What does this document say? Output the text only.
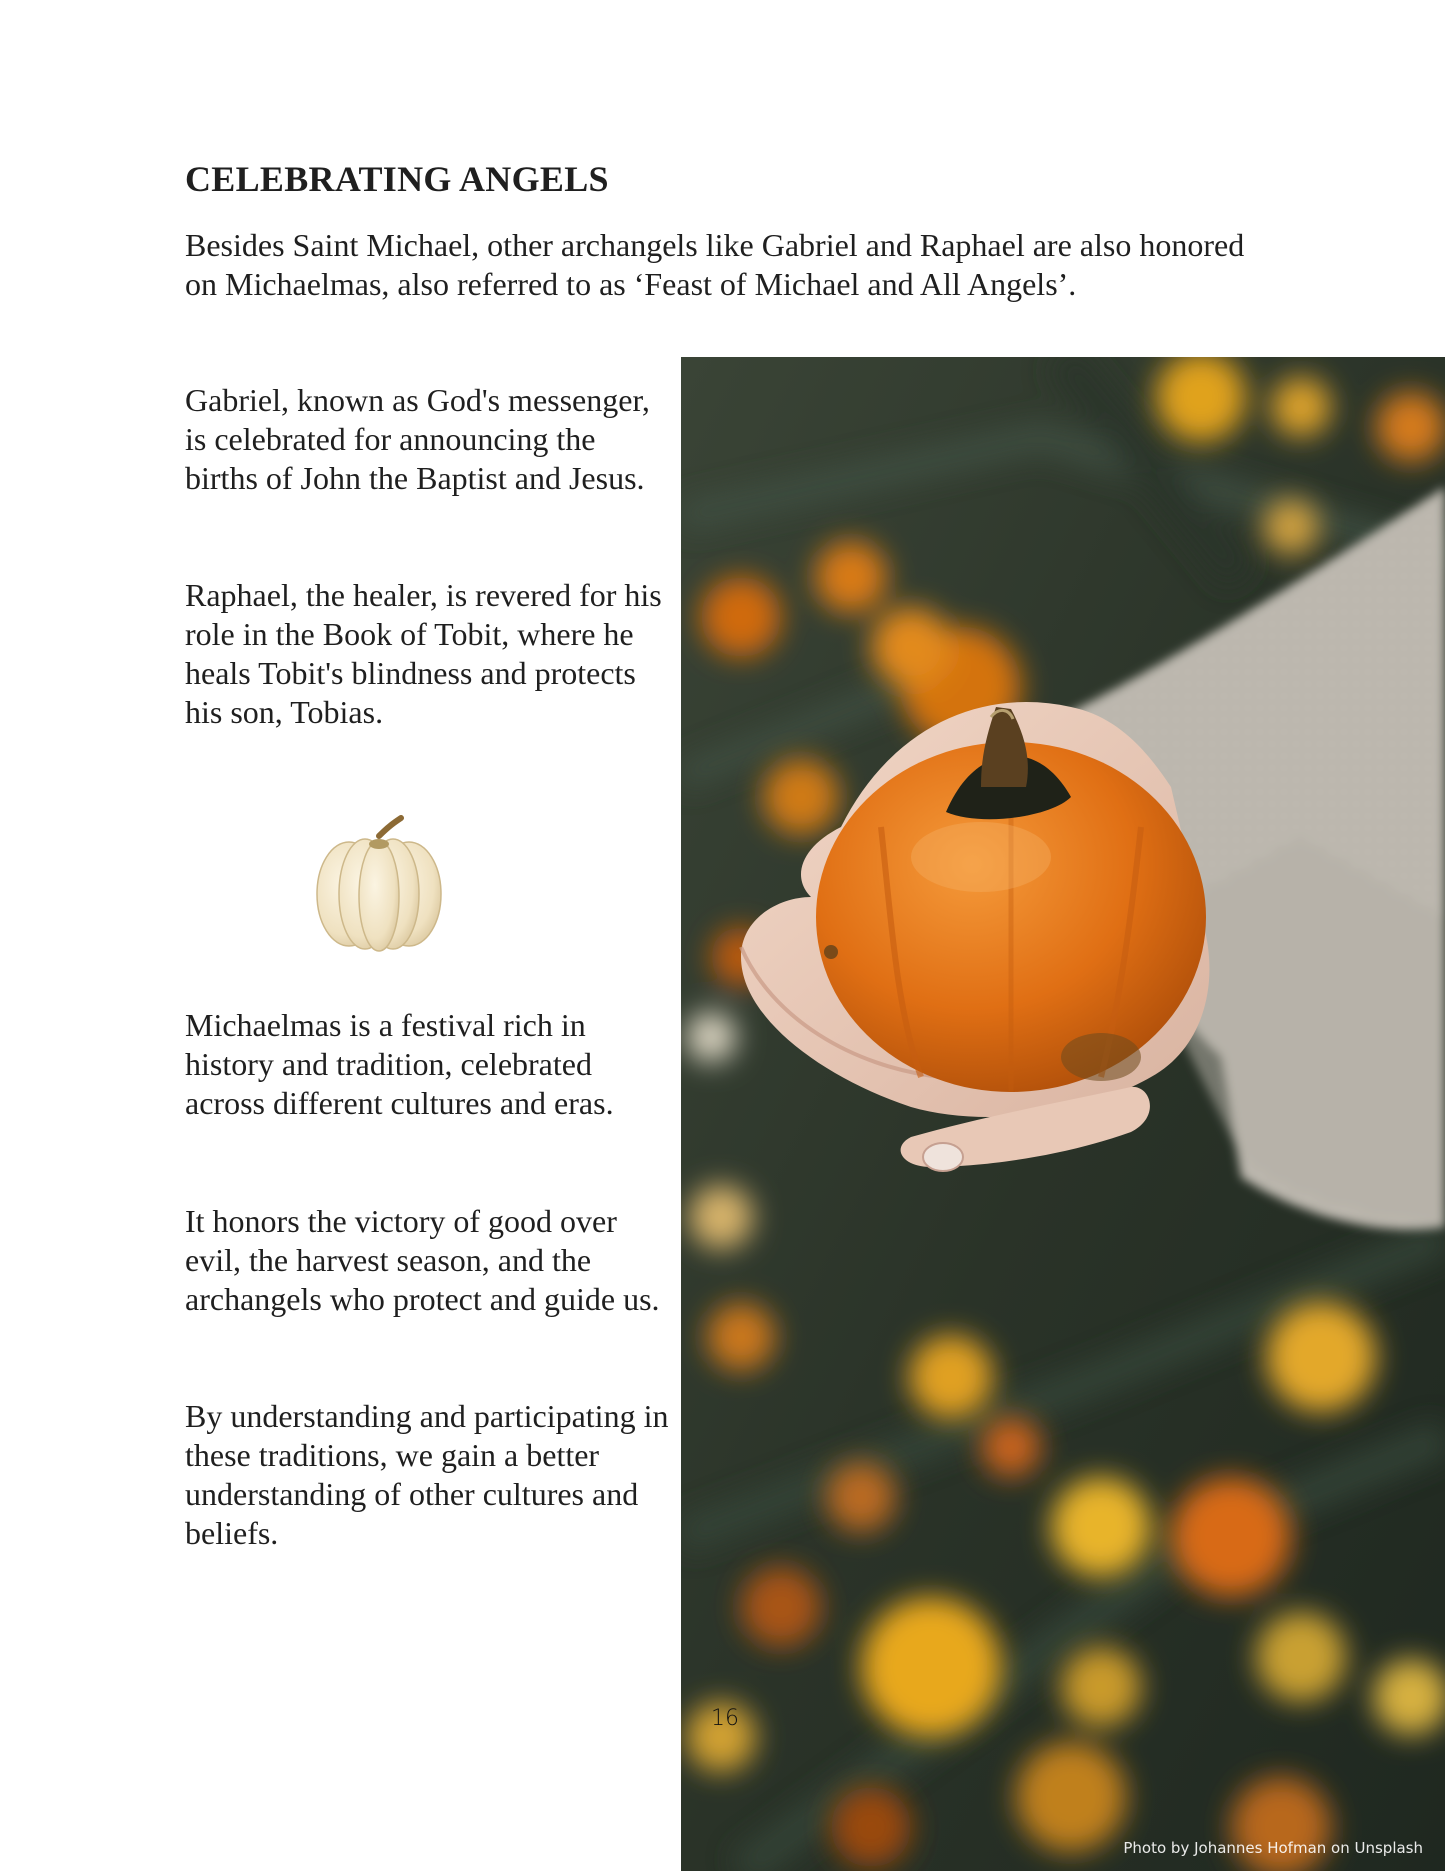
CELEBRATING ANGELS

Besides Saint Michael, other archangels like Gabriel and Raphael are also honored on Michaelmas, also referred to as ‘Feast of Michael and All Angels’.

Gabriel, known as God's messenger, is celebrated for announcing the births of John the Baptist and Jesus.

Raphael, the healer, is revered for his role in the Book of Tobit, where he heals Tobit's blindness and protects his son, Tobias.

Michaelmas is a festival rich in history and tradition, celebrated across different cultures and eras.

It honors the victory of good over evil, the harvest season, and the archangels who protect and guide us.

By understanding and participating in these traditions, we gain a better understanding of other cultures and beliefs.

16
Photo by Johannes Hofman on Unsplash
